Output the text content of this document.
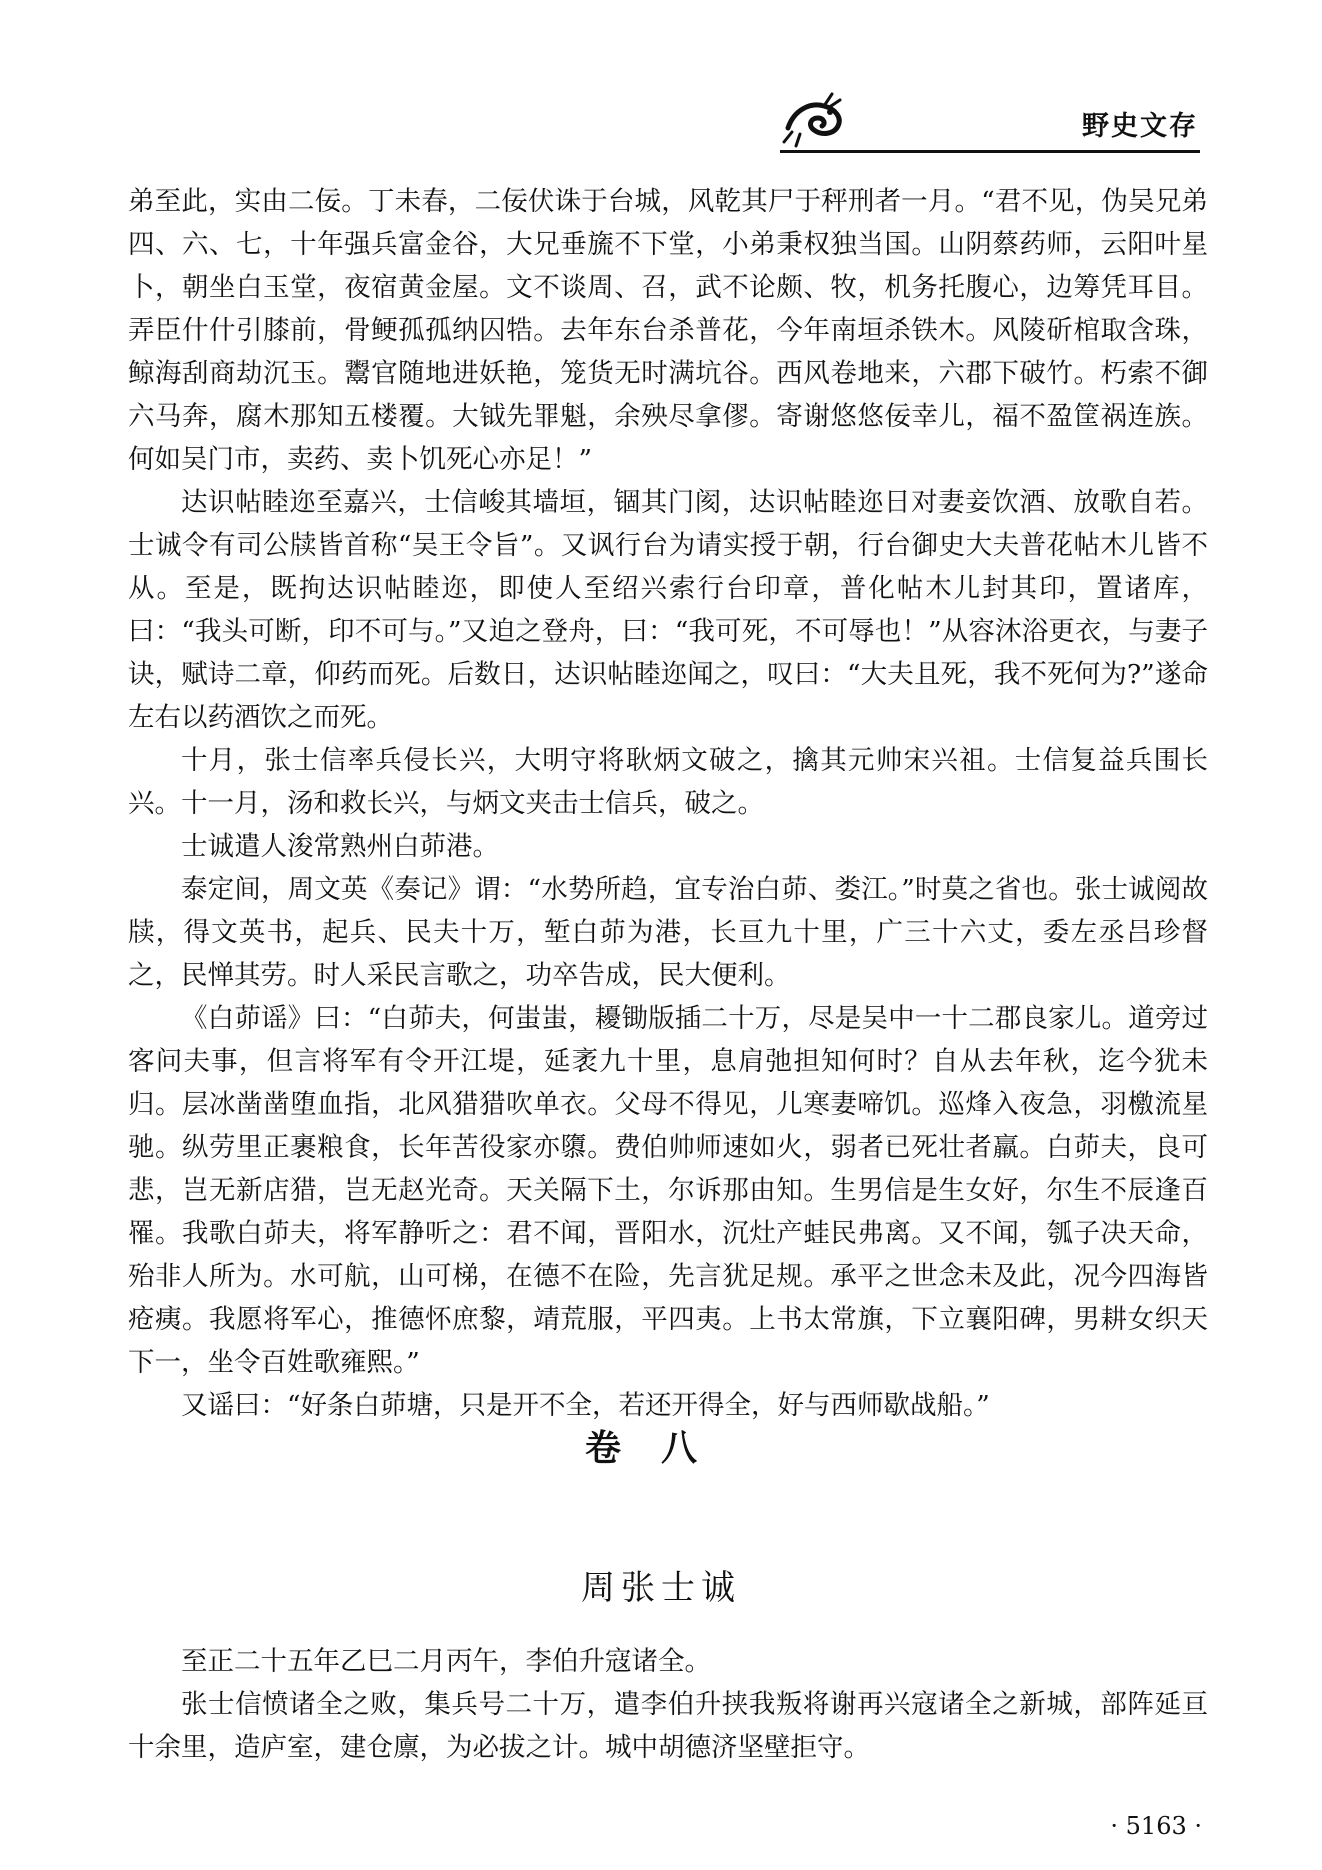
野史文存

弟至此，实由二佞。丁未春，二佞伏诛于台城，风乾其尸于秤刑者一月。“君不见，伪吴兄弟四、六、七，十年强兵富金谷，大兄垂旒不下堂，小弟秉权独当国。山阴蔡药师，云阳叶星卜，朝坐白玉堂，夜宿黄金屋。文不谈周、召，武不论颇、牧，机务托腹心，边筹凭耳目。弄臣什什引膝前，骨鲠孤孤纳囚牿。去年东台杀普花，今年南垣杀铁木。风陵斫棺取含珠，鲸海刮商劫沉玉。鬻官随地进妖艳，笼货无时满坑谷。西风卷地来，六郡下破竹。朽索不御六马奔，腐木那知五楼覆。大钺先罪魁，余殃尽拿僇。寄谢悠悠佞幸儿，福不盈筐祸连族。何如吴门市，卖药、卖卜饥死心亦足！”

达识帖睦迩至嘉兴，士信峻其墙垣，锢其门阂，达识帖睦迩日对妻妾饮酒、放歌自若。士诚令有司公牍皆首称“吴王令旨”。又讽行台为请实授于朝，行台御史大夫普花帖木儿皆不从。至是，既拘达识帖睦迩，即使人至绍兴索行台印章，普化帖木儿封其印，置诸库，曰：“我头可断，印不可与。”又迫之登舟，曰：“我可死，不可辱也！”从容沐浴更衣，与妻子诀，赋诗二章，仰药而死。后数日，达识帖睦迩闻之，叹曰：“大夫且死，我不死何为?”遂命左右以药酒饮之而死。

十月，张士信率兵侵长兴，大明守将耿炳文破之，擒其元帅宋兴祖。士信复益兵围长兴。十一月，汤和救长兴，与炳文夹击士信兵，破之。

士诚遣人浚常熟州白茆港。

泰定间，周文英《奏记》谓：“水势所趋，宜专治白茆、娄江。”时莫之省也。张士诚阅故牍，得文英书，起兵、民夫十万，堑白茆为港，长亘九十里，广三十六丈，委左丞吕珍督之，民惮其劳。时人采民言歌之，功卒告成，民大便利。

《白茆谣》曰：“白茆夫，何蚩蚩，耰锄版插二十万，尽是吴中一十二郡良家儿。道旁过客问夫事，但言将军有令开江堤，延袤九十里，息肩弛担知何时？自从去年秋，迄今犹未归。层冰凿凿堕血指，北风猎猎吹单衣。父母不得见，儿寒妻啼饥。巡烽入夜急，羽檄流星驰。纵劳里正裹粮食，长年苦役家亦隳。费伯帅师速如火，弱者已死壮者羸。白茆夫，良可悲，岂无新店猎，岂无赵光奇。天关隔下土，尔诉那由知。生男信是生女好，尔生不辰逢百罹。我歌白茆夫，将军静听之：君不闻，晋阳水，沉灶产蛙民弗离。又不闻，瓠子决天命，殆非人所为。水可航，山可梯，在德不在险，先言犹足规。承平之世念未及此，况今四海皆疮痍。我愿将军心，推德怀庶黎，靖荒服，平四夷。上书太常旗，下立襄阳碑，男耕女织天下一，坐令百姓歌雍熙。”

又谣曰：“好条白茆塘，只是开不全，若还开得全，好与西师歇战船。”

卷八
周张士诚

至正二十五年乙巳二月丙午，李伯升寇诸全。

张士信愤诸全之败，集兵号二十万，遣李伯升挟我叛将谢再兴寇诸全之新城，部阵延亘十余里，造庐室，建仓廪，为必拔之计。城中胡德济坚壁拒守。

· 5163 ·
